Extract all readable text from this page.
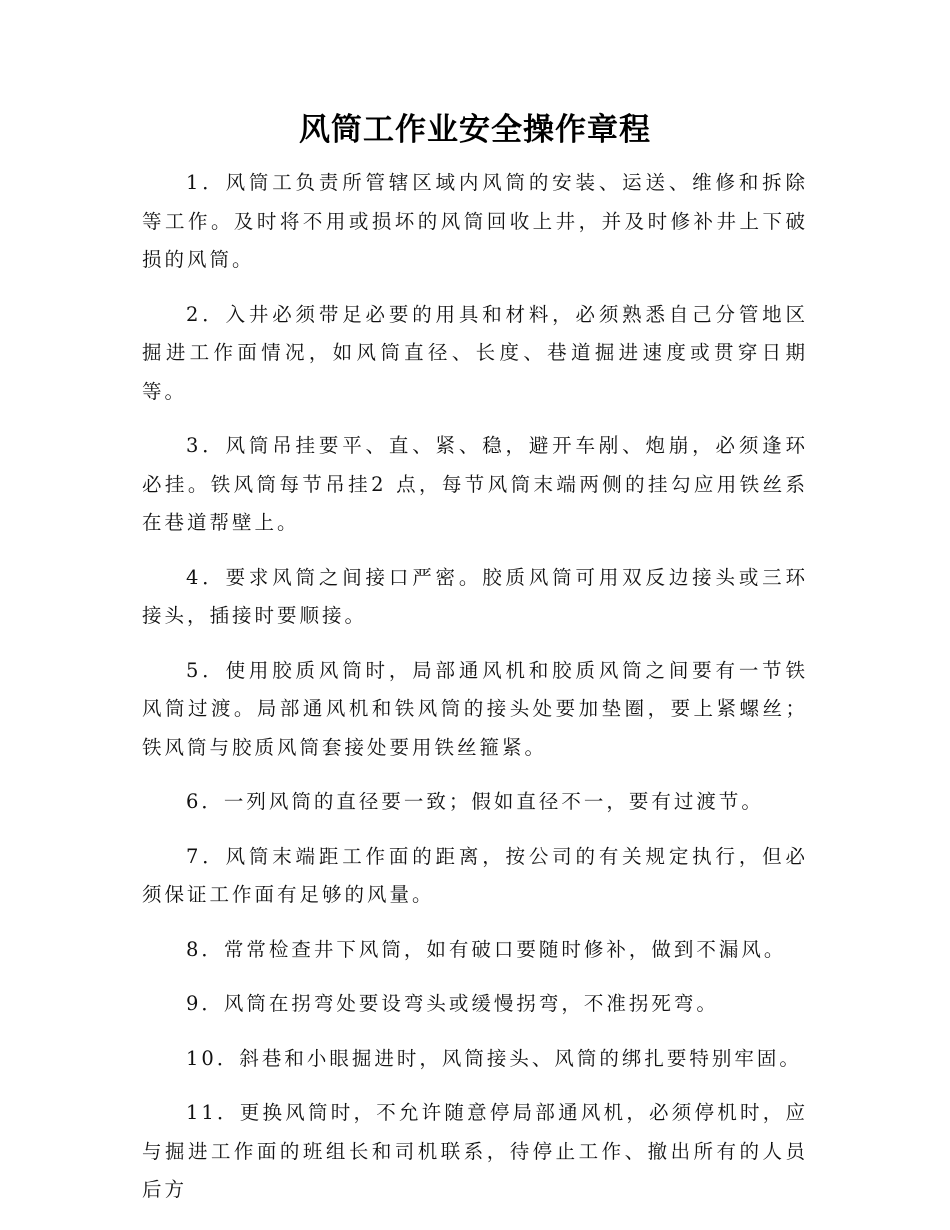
风筒工作业安全操作章程

1．风筒工负责所管辖区域内风筒的安装、运送、维修和拆除等工作。及时将不用或损坏的风筒回收上井，并及时修补井上下破损的风筒。

2．入井必须带足必要的用具和材料，必须熟悉自己分管地区掘进工作面情况，如风筒直径、长度、巷道掘进速度或贯穿日期等。

3．风筒吊挂要平、直、紧、稳，避开车剐、炮崩，必须逢环必挂。铁风筒每节吊挂2 点，每节风筒末端两侧的挂勾应用铁丝系在巷道帮壁上。

4．要求风筒之间接口严密。胶质风筒可用双反边接头或三环接头，插接时要顺接。

5．使用胶质风筒时，局部通风机和胶质风筒之间要有一节铁风筒过渡。局部通风机和铁风筒的接头处要加垫圈，要上紧螺丝；铁风筒与胶质风筒套接处要用铁丝箍紧。

6．一列风筒的直径要一致；假如直径不一，要有过渡节。

7．风筒末端距工作面的距离，按公司的有关规定执行，但必须保证工作面有足够的风量。

8．常常检查井下风筒，如有破口要随时修补，做到不漏风。

9．风筒在拐弯处要设弯头或缓慢拐弯，不准拐死弯。

10．斜巷和小眼掘进时，风筒接头、风筒的绑扎要特别牢固。

11．更换风筒时，不允许随意停局部通风机，必须停机时，应与掘进工作面的班组长和司机联系，待停止工作、撤出所有的人员后方
